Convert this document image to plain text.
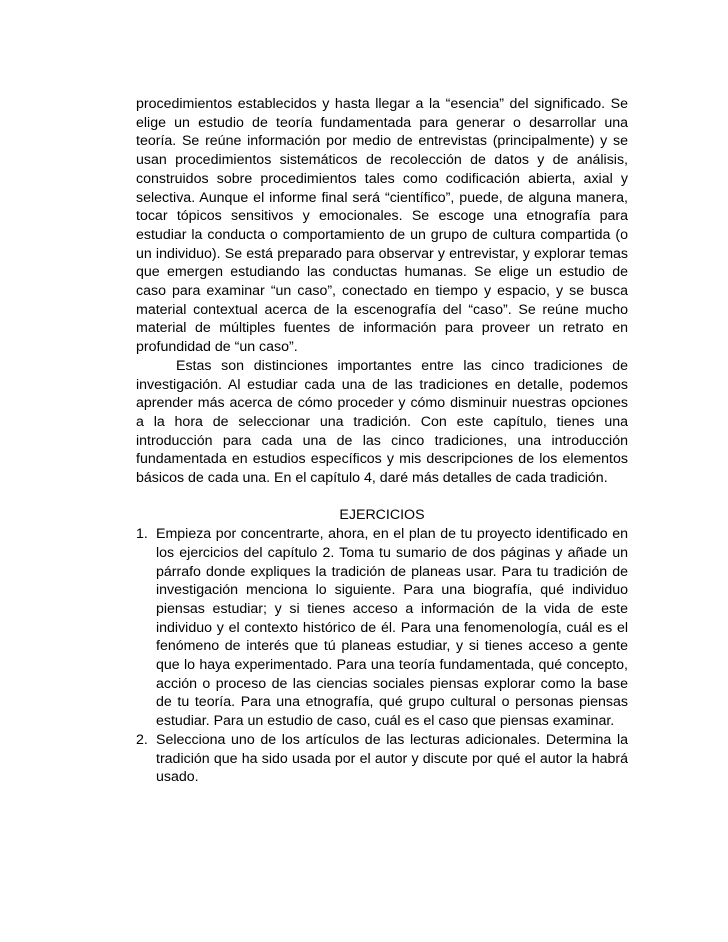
procedimientos establecidos y hasta llegar a la “esencia” del significado. Se elige un estudio de teoría fundamentada para generar o desarrollar una teoría. Se reúne información por medio de entrevistas (principalmente) y se usan procedimientos sistemáticos de recolección de datos y de análisis, construidos sobre procedimientos tales como codificación abierta, axial y selectiva. Aunque el informe final será “científico”, puede, de alguna manera, tocar tópicos sensitivos y emocionales. Se escoge una etnografía para estudiar la conducta o comportamiento de un grupo de cultura compartida (o un individuo). Se está preparado para observar y entrevistar, y explorar temas que emergen estudiando las conductas humanas. Se elige un estudio de caso para examinar “un caso”, conectado en tiempo y espacio, y se busca material contextual acerca de la escenografía del “caso”. Se reúne mucho material de múltiples fuentes de información para proveer un retrato en profundidad de “un caso”.

Estas son distinciones importantes entre las cinco tradiciones de investigación. Al estudiar cada una de las tradiciones en detalle, podemos aprender más acerca de cómo proceder y cómo disminuir nuestras opciones a la hora de seleccionar una tradición. Con este capítulo, tienes una introducción para cada una de las cinco tradiciones, una introducción fundamentada en estudios específicos y mis descripciones de los elementos básicos de cada una. En el capítulo 4, daré más detalles de cada tradición.

EJERCICIOS

1. Empieza por concentrarte, ahora, en el plan de tu proyecto identificado en los ejercicios del capítulo 2. Toma tu sumario de dos páginas y añade un párrafo donde expliques la tradición de planeas usar. Para tu tradición de investigación menciona lo siguiente. Para una biografía, qué individuo piensas estudiar; y si tienes acceso a información de la vida de este individuo y el contexto histórico de él. Para una fenomenología, cuál es el fenómeno de interés que tú planeas estudiar, y si tienes acceso a gente que lo haya experimentado. Para una teoría fundamentada, qué concepto, acción o proceso de las ciencias sociales piensas explorar como la base de tu teoría. Para una etnografía, qué grupo cultural o personas piensas estudiar. Para un estudio de caso, cuál es el caso que piensas examinar.
2. Selecciona uno de los artículos de las lecturas adicionales. Determina la tradición que ha sido usada por el autor y discute por qué el autor la habrá usado.
